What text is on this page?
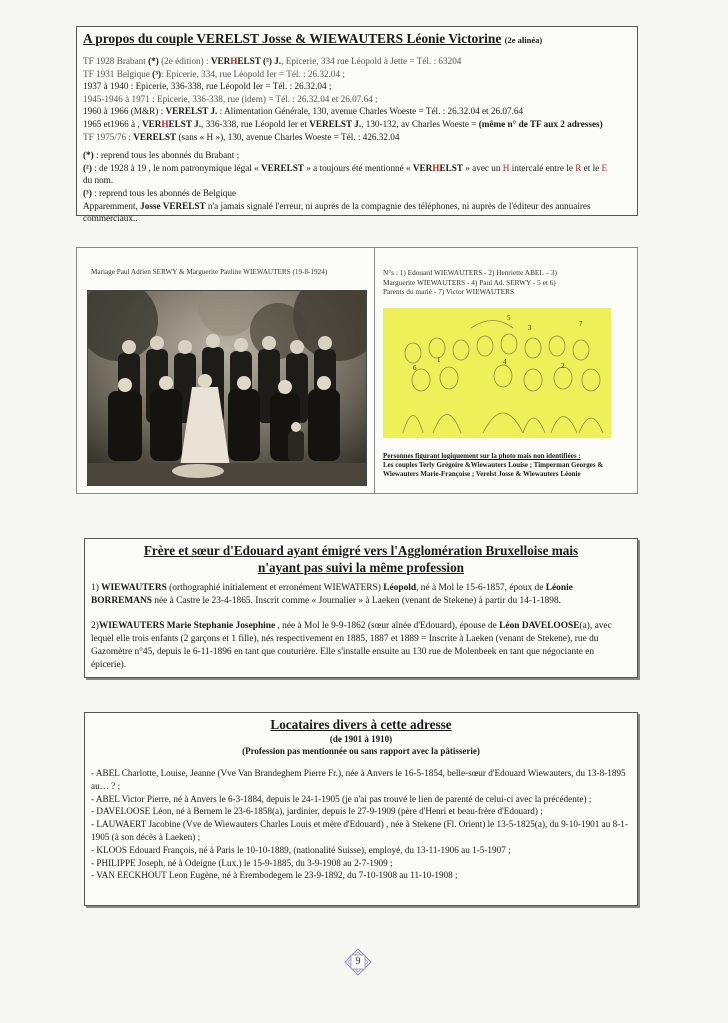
A propos du couple VERELST Josse & WIEWAUTERS Léonie Victorine (2e alinéa)
TF 1928 Brabant (*) (2e édition) : VERHELST (²) J., Epicerie, 334 rue Léopold à Jette = Tél. : 63204
TF 1931 Belgique (³): Epicerie, 334, rue Léopold Ier = Tél. : 26.32.04 ;
1937 à 1940 : Epicerie, 336-338, rue Léopold Ier = Tél. : 26.32.04 ;
1945-1946 à 1971 : Epicerie, 336-338, rue (idem) = Tél. : 26.32.04 et 26.07.64 ;
1960 à 1966 (M&R) : VERELST J. : Alimentation Générale, 130, avenue Charles Woeste = Tél. : 26.32.04 et 26.07.64
1965 et1966 à , VERHELST J., 336-338, rue Léopold Ier et VERELST J., 130-132, av Charles Woeste = (même n° de TF aux 2 adresses)
TF 1975/76 : VERELST (sans « H »), 130, avenue Charles Woeste = Tél. : 426.32.04
(*) : reprend tous les abonnés du Brabant ;
(²) : de 1928 à 19 , le nom patronymique légal « VERELST » a toujours été mentionné « VERHELST » avec un H intercalé entre le R et le E
du nom.
(³) : reprend tous les abonnés de Belgique
Apparemment, Josse VERELST n'a jamais signalé l'erreur, ni auprès de la compagnie des téléphones, ni auprès de l'éditeur des annuaires commerciaux..
Mariage Paul Adrien SERWY & Marguerite Pauline WIEWAUTERS (19-8-1924)	N°s : 1) Edouard WIEWAUTERS - 2) Henriette ABEL – 3) Marguerite WIEWAUTERS - 4) Paul Ad. SERWY - 5 et 6) Parents du marié - 7) Victor WIEWAUTERS
5
7
3
1
6
4	2
Personnes figurant logiquement sur la photo mais non identifiées :
Les couples Terly Grégoire &Wiewauters Louise ; Timperman Georges & Wiewauters Marie-Françoise ; Verelst Josse & Wiewauters Léonie
Frère et sœur d'Edouard ayant émigré vers l'Agglomération Bruxelloise mais
n'ayant pas suivi la même profession
1) WIEWAUTERS (orthographié initialement et erronément WIEWATERS) Léopold, né à Mol le 15-6-1857, époux de Léonie BORREMANS née à Castre le 23-4-1865. Inscrit comme « Journalier » à Laeken (venant de Stekene) à partir du 14-1-1898.
2)WIEWAUTERS Marie Stephanie Josephine , née à Mol le 9-9-1862 (sœur aînée d'Edouard), épouse de Léon DAVELOOSE(a), avec lequel elle trois enfants (2 garçons et 1 fille), nés respectivement en 1885, 1887 et 1889 = Inscrite à Laeken (venant de Stekene), rue du Gazomètre n°45, depuis le 6-11-1896 en tant que couturière. Elle s'installe ensuite au 130 rue de Molenbeek en tant que négociante en épicerie).
Locataires divers à cette adresse
(de 1901 à 1910)
(Profession pas mentionnée ou sans rapport avec la pâtisserie)
- ABEL Charlotte, Louise, Jeanne (Vve Van Brandeghem Pierre Fr.), née à Anvers le 16-5-1854, belle-sœur d'Edouard Wiewauters, du 13-8-1895 au… ? ;
- ABEL Victor Pierre, né à Anvers le 6-3-1884, depuis le 24-1-1905 (je n'ai pas trouvé le lien de parenté de celui-ci avec la précédente) ;
- DAVELOOSE Léon, né à Bernem le 23-6-1858(a), jardinier, depuis le 27-9-1909 (père d'Henri et beau-frère d'Edouard) ;
- LAUWAERT Jacobine (Vve de Wiewauters Charles Louis et mère d'Edouard) , née à Stekene (Fl. Orient) le 13-5-1825(a), du 9-10-1901 au 8-1-1905 (à son décès à Laeken) ;
- KLOOS Edouard François, né à Paris le 10-10-1889, (nationalité Suisse), employé, du 13-11-1906 au 1-5-1907 ;
- PHILIPPE Joseph, né à Odeigne (Lux.) le 15-9-1885, du 3-9-1908 au 2-7-1909 ;
- VAN EECKHOUT Leon Eugène, né à Erembodegem le 23-9-1892, du 7-10-1908 au 11-10-1908 ;
9
